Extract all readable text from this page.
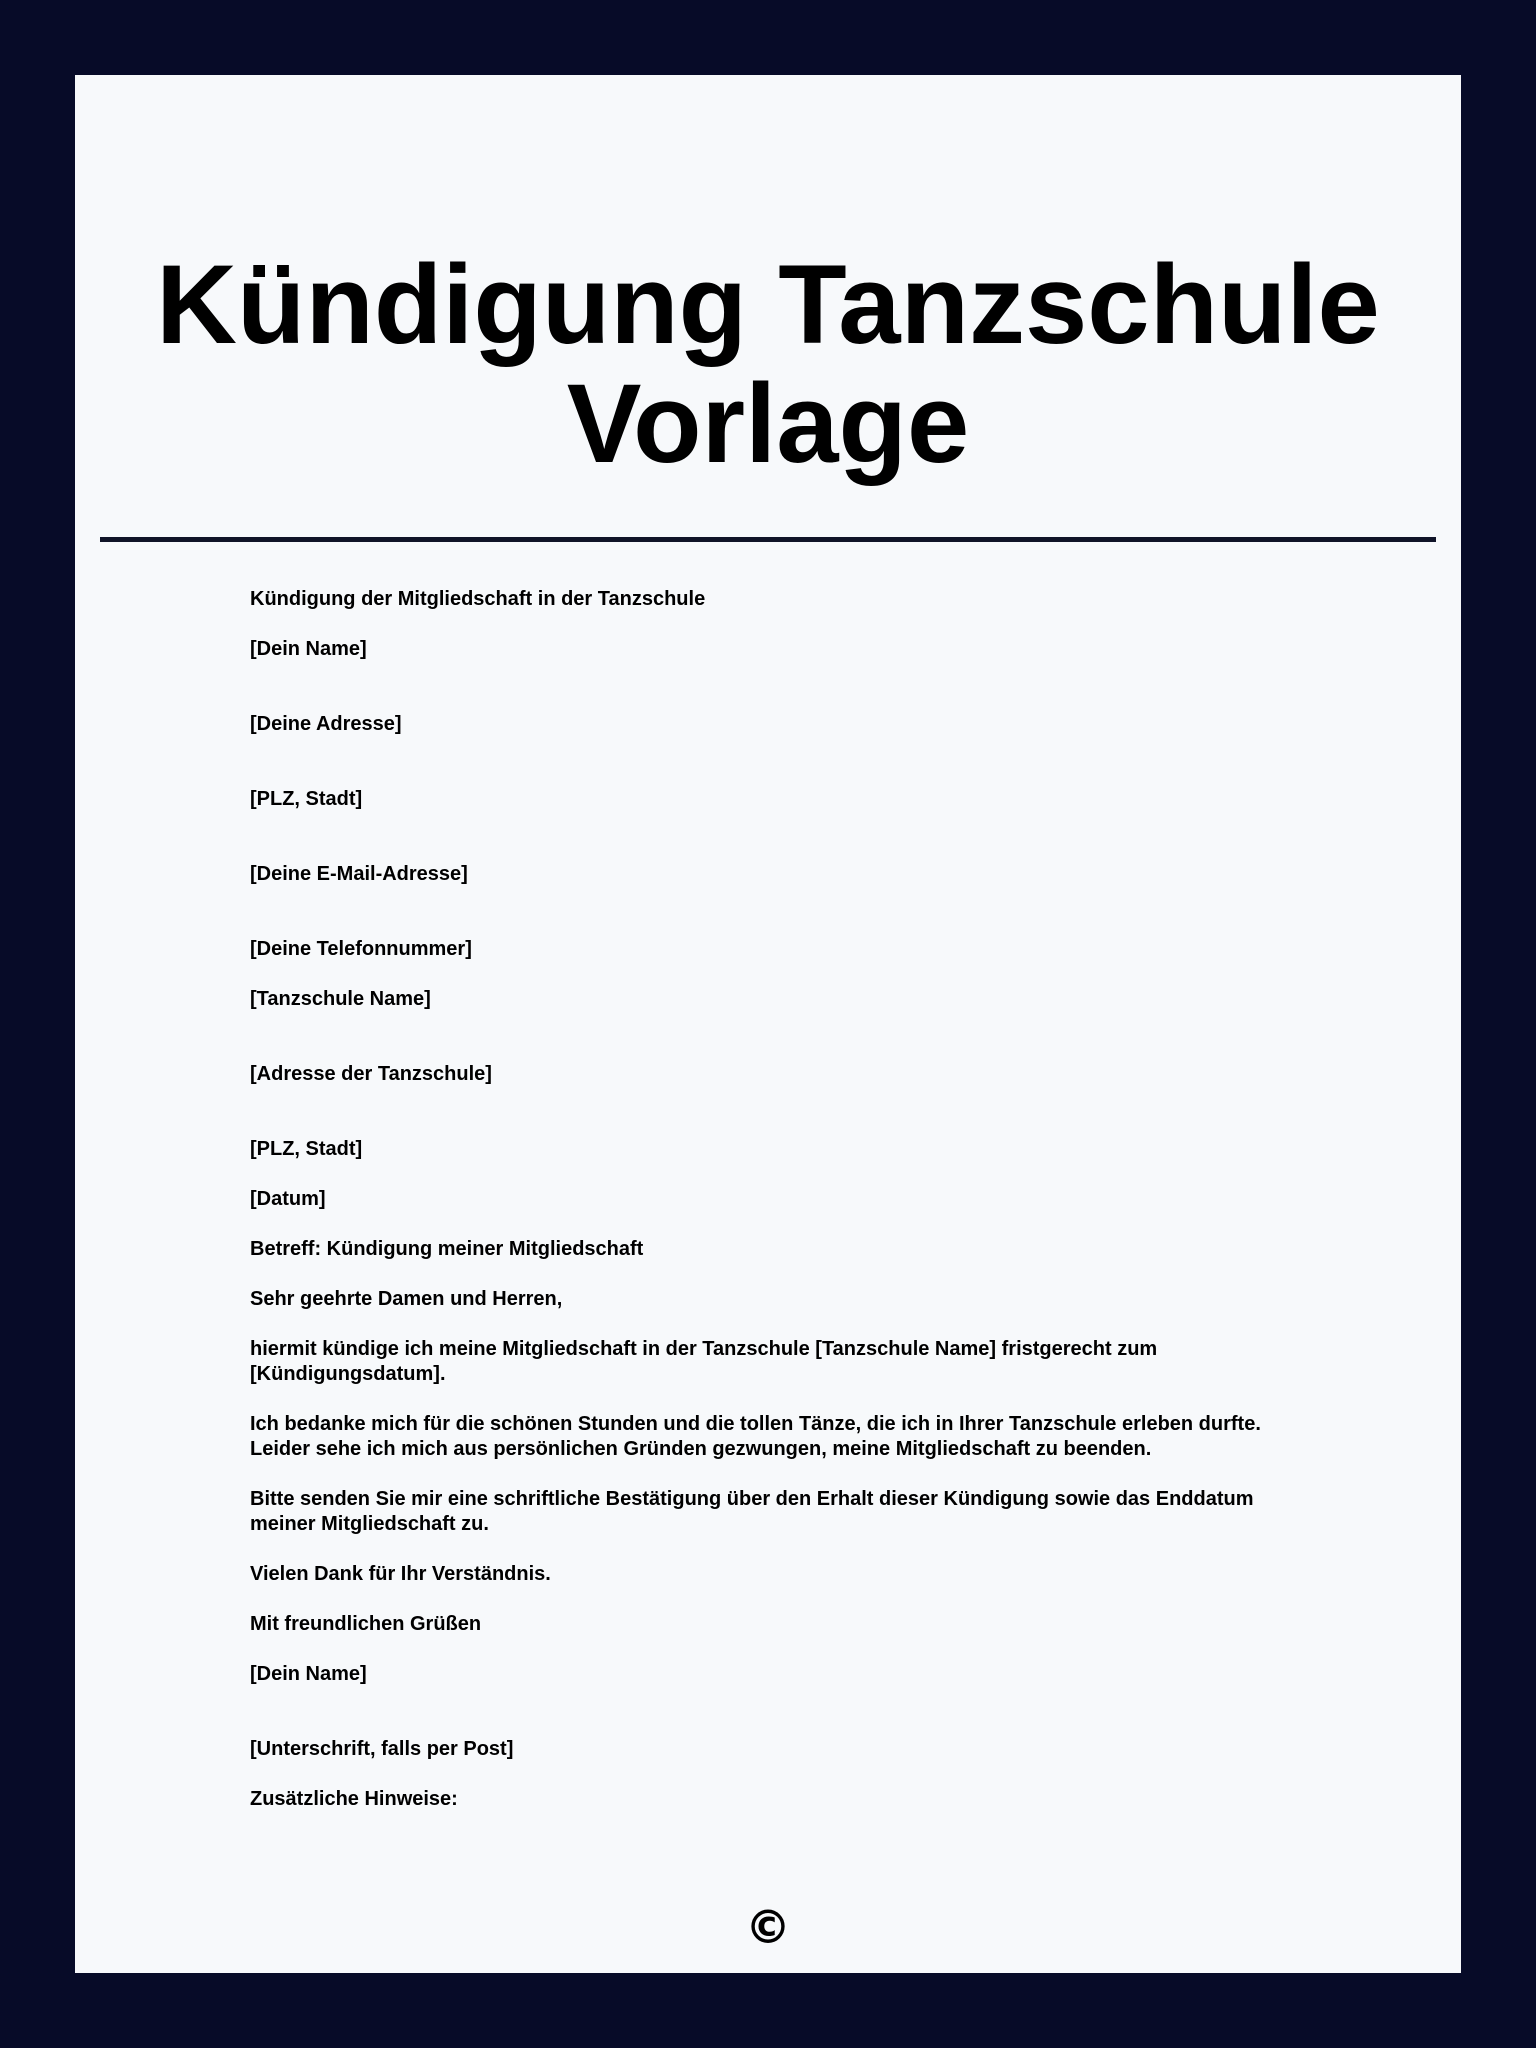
Kündigung Tanzschule
Vorlage
Kündigung der Mitgliedschaft in der Tanzschule
[Dein Name]
[Deine Adresse]
[PLZ, Stadt]
[Deine E-Mail-Adresse]
[Deine Telefonnummer]
[Tanzschule Name]
[Adresse der Tanzschule]
[PLZ, Stadt]
[Datum]
Betreff: Kündigung meiner Mitgliedschaft
Sehr geehrte Damen und Herren,
hiermit kündige ich meine Mitgliedschaft in der Tanzschule [Tanzschule Name] fristgerecht zum
[Kündigungsdatum].
Ich bedanke mich für die schönen Stunden und die tollen Tänze, die ich in Ihrer Tanzschule erleben durfte.
Leider sehe ich mich aus persönlichen Gründen gezwungen, meine Mitgliedschaft zu beenden.
Bitte senden Sie mir eine schriftliche Bestätigung über den Erhalt dieser Kündigung sowie das Enddatum
meiner Mitgliedschaft zu.
Vielen Dank für Ihr Verständnis.
Mit freundlichen Grüßen
[Dein Name]
[Unterschrift, falls per Post]
Zusätzliche Hinweise:
©
